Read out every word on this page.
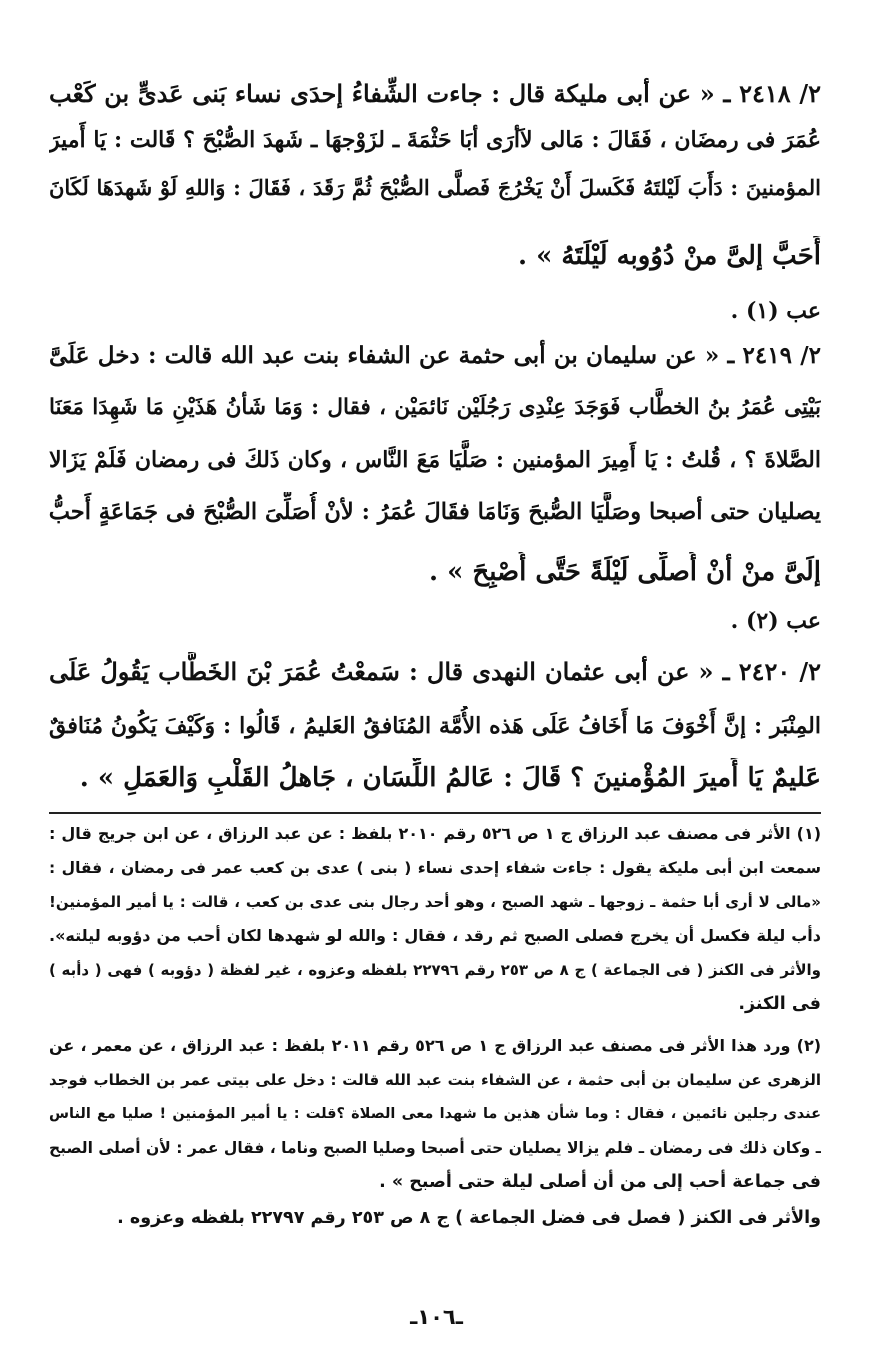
٢/ ٢٤١٨ ـ « عن أبى مليكة قال : جاءت الشِّفاءُ إحدَى نساء بَنى عَدىٍّ بن كَعْب
عُمَرَ فى رمضَان ، فَقَالَ : مَالى لاَأرَى أبَا حَثْمَةَ ـ لزَوْجهَا ـ شَهدَ الصُّبْحَ ؟ قَالت : يَا أَميرَ
المؤمنينَ : دَأَبَ لَيْلتَهُ فَكَسلَ أَنْ يَخْرُجَ فَصلَّى الصُّبْحَ ثُمَّ رَقَدَ ، فَقَالَ : وَاللهِ لَوْ شَهدَهَا لَكَانَ
أَحَبَّ إلىَّ منْ دُوُوبه لَيْلَتَهُ » .
عب (١) .
٢/ ٢٤١٩ ـ « عن سليمان بن أبى حثمة عن الشفاء بنت عبد الله قالت : دخل عَلَىَّ
بَيْتِى عُمَرُ بنُ الخطَّاب فَوَجَدَ عِنْدِى رَجُلَيْن نَائمَيْن ، فقال : وَمَا شَأنُ هَذَيْنِ مَا شَهِدَا مَعَنَا
الصَّلاةَ ؟ ، قُلتُ : يَا أَمِيرَ المؤمنين : صَلَّيَا مَعَ النَّاس ، وكان ذَلكَ فى رمضان فَلَمْ يَزَالا
يصليان حتى أصبحا وصَلَّيَا الصُّبحَ وَنَامَا فقَالَ عُمَرُ : لأنْ أُصَلِّىَ الصُّبْحَ فى جَمَاعَةٍ أَحبُّ
إلَىَّ منْ أنْ أُصلِّى لَيْلَةً حَتَّى أُصْبِحَ » .
عب (٢) .
٢/ ٢٤٢٠ ـ « عن أبى عثمان النهدى قال : سَمعْتُ عُمَرَ بْنَ الخَطَّاب يَقُولُ عَلَى
المِنْبَر : إنَّ أَخْوَفَ مَا أَخَافُ عَلَى هَذه الأُمَّة المُنَافقُ العَليمُ ، قَالُوا : وَكَيْفَ يَكُونُ مُنَافقٌ
عَليمٌ يَا أَميرَ المُؤْمنينَ ؟ قَالَ : عَالمُ اللِّسَان ، جَاهلُ القَلْبِ وَالعَمَلِ » .
(١) الأثر فى مصنف عبد الرزاق ج ١ ص ٥٢٦ رقم ٢٠١٠ بلفظ : عن عبد الرزاق ، عن ابن جريج قال :
سمعت ابن أبى مليكة يقول : جاءت شفاء إحدى نساء ( بنى ) عدى بن كعب عمر فى رمضان ، فقال :
«مالى لا أرى أبا حثمة ـ زوجها ـ شهد الصبح ، وهو أحد رجال بنى عدى بن كعب ، قالت : يا أمير المؤمنين!
دأب ليلة فكسل أن يخرج فصلى الصبح ثم رقد ، فقال : والله لو شهدها لكان أحب من دؤوبه ليلته».
والأثر فى الكنز ( فى الجماعة ) ج ٨ ص ٢٥٣ رقم ٢٢٧٩٦ بلفظه وعزوه ، غير لفظة ( دؤوبه ) فهى ( دأبه )
فى الكنز.
(٢) ورد هذا الأثر فى مصنف عبد الرزاق ج ١ ص ٥٢٦ رقم ٢٠١١ بلفظ : عبد الرزاق ، عن معمر ، عن
الزهرى عن سليمان بن أبى حثمة ، عن الشفاء بنت عبد الله قالت : دخل على بيتى عمر بن الخطاب فوجد
عندى رجلين نائمين ، فقال : وما شأن هذين ما شهدا معى الصلاة ؟قلت : يا أمير المؤمنين ! صليا مع الناس
ـ وكان ذلك فى رمضان ـ فلم يزالا يصليان حتى أصبحا وصليا الصبح وناما ، فقال عمر : لأن أصلى الصبح
فى جماعة أحب إلى من أن أصلى ليلة حتى أصبح » .
والأثر فى الكنز ( فصل فى فضل الجماعة ) ج ٨ ص ٢٥٣ رقم ٢٢٧٩٧ بلفظه وعزوه .
ـ١٠٦ـ
